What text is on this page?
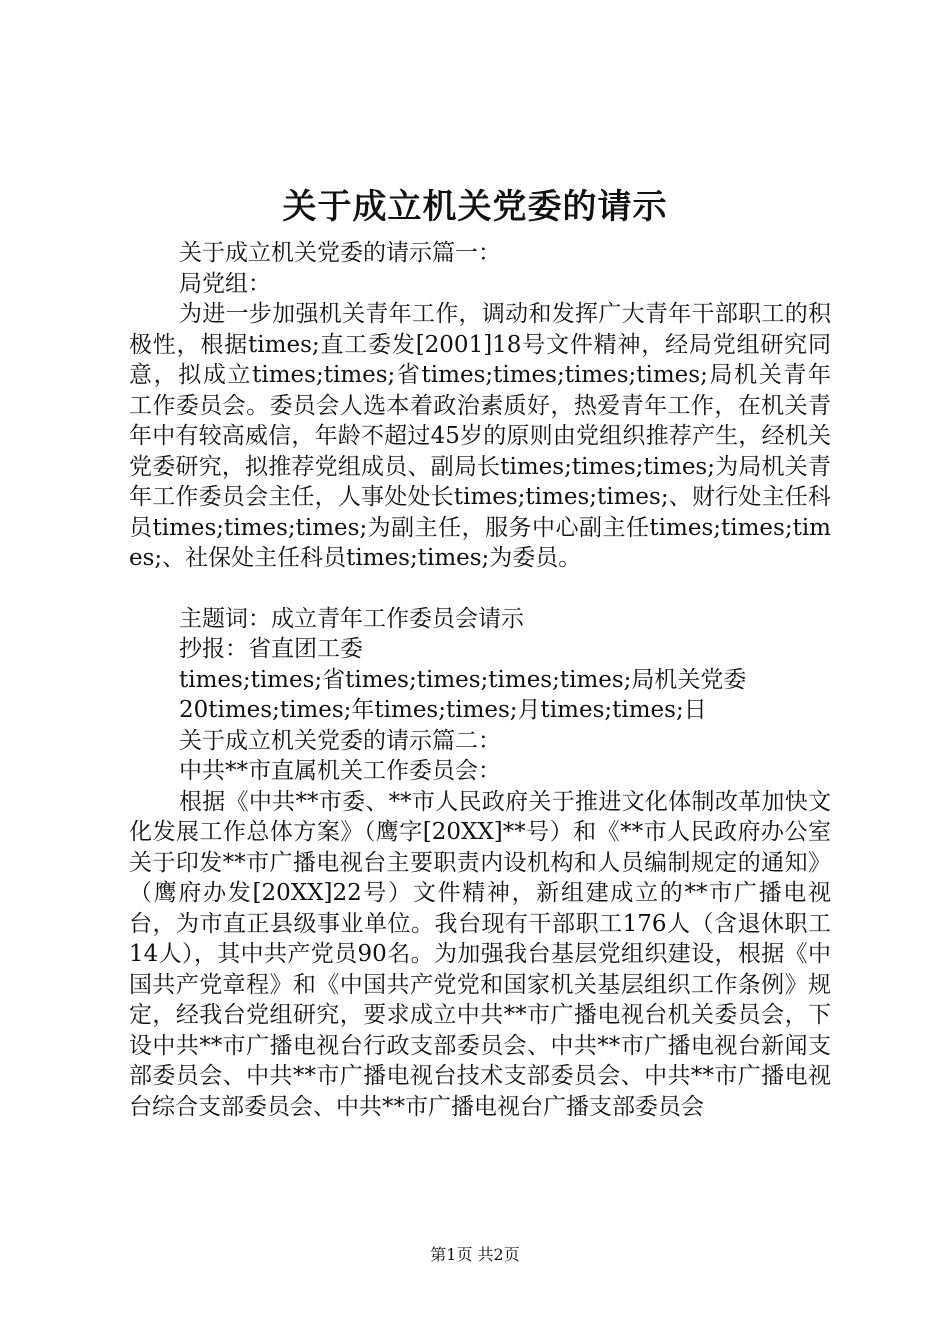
关于成立机关党委的请示
关于成立机关党委的请示篇一：
局党组：
为进一步加强机关青年工作，调动和发挥广大青年干部职工的积极性，根据times;直工委发[2001]18号文件精神，经局党组研究同意，拟成立times;times;省times;times;times;times;局机关青年工作委员会。委员会人选本着政治素质好，热爱青年工作，在机关青年中有较高威信，年龄不超过45岁的原则由党组织推荐产生，经机关党委研究，拟推荐党组成员、副局长times;times;times;为局机关青年工作委员会主任，人事处处长times;times;times;、财行处主任科员times;times;times;为副主任，服务中心副主任times;times;times;、社保处主任科员times;times;为委员。
主题词：成立青年工作委员会请示
抄报：省直团工委
times;times;省times;times;times;times;局机关党委
20times;times;年times;times;月times;times;日
关于成立机关党委的请示篇二：
中共**市直属机关工作委员会：
根据《中共**市委、**市人民政府关于推进文化体制改革加快文化发展工作总体方案》（鹰字[20XX]**号）和《**市人民政府办公室关于印发**市广播电视台主要职责内设机构和人员编制规定的通知》（鹰府办发[20XX]22号）文件精神，新组建成立的**市广播电视台，为市直正县级事业单位。我台现有干部职工176人（含退休职工14人），其中共产党员90名。为加强我台基层党组织建设，根据《中国共产党章程》和《中国共产党党和国家机关基层组织工作条例》规定，经我台党组研究，要求成立中共**市广播电视台机关委员会，下设中共**市广播电视台行政支部委员会、中共**市广播电视台新闻支部委员会、中共**市广播电视台技术支部委员会、中共**市广播电视台综合支部委员会、中共**市广播电视台广播支部委员会
第1页 共2页
